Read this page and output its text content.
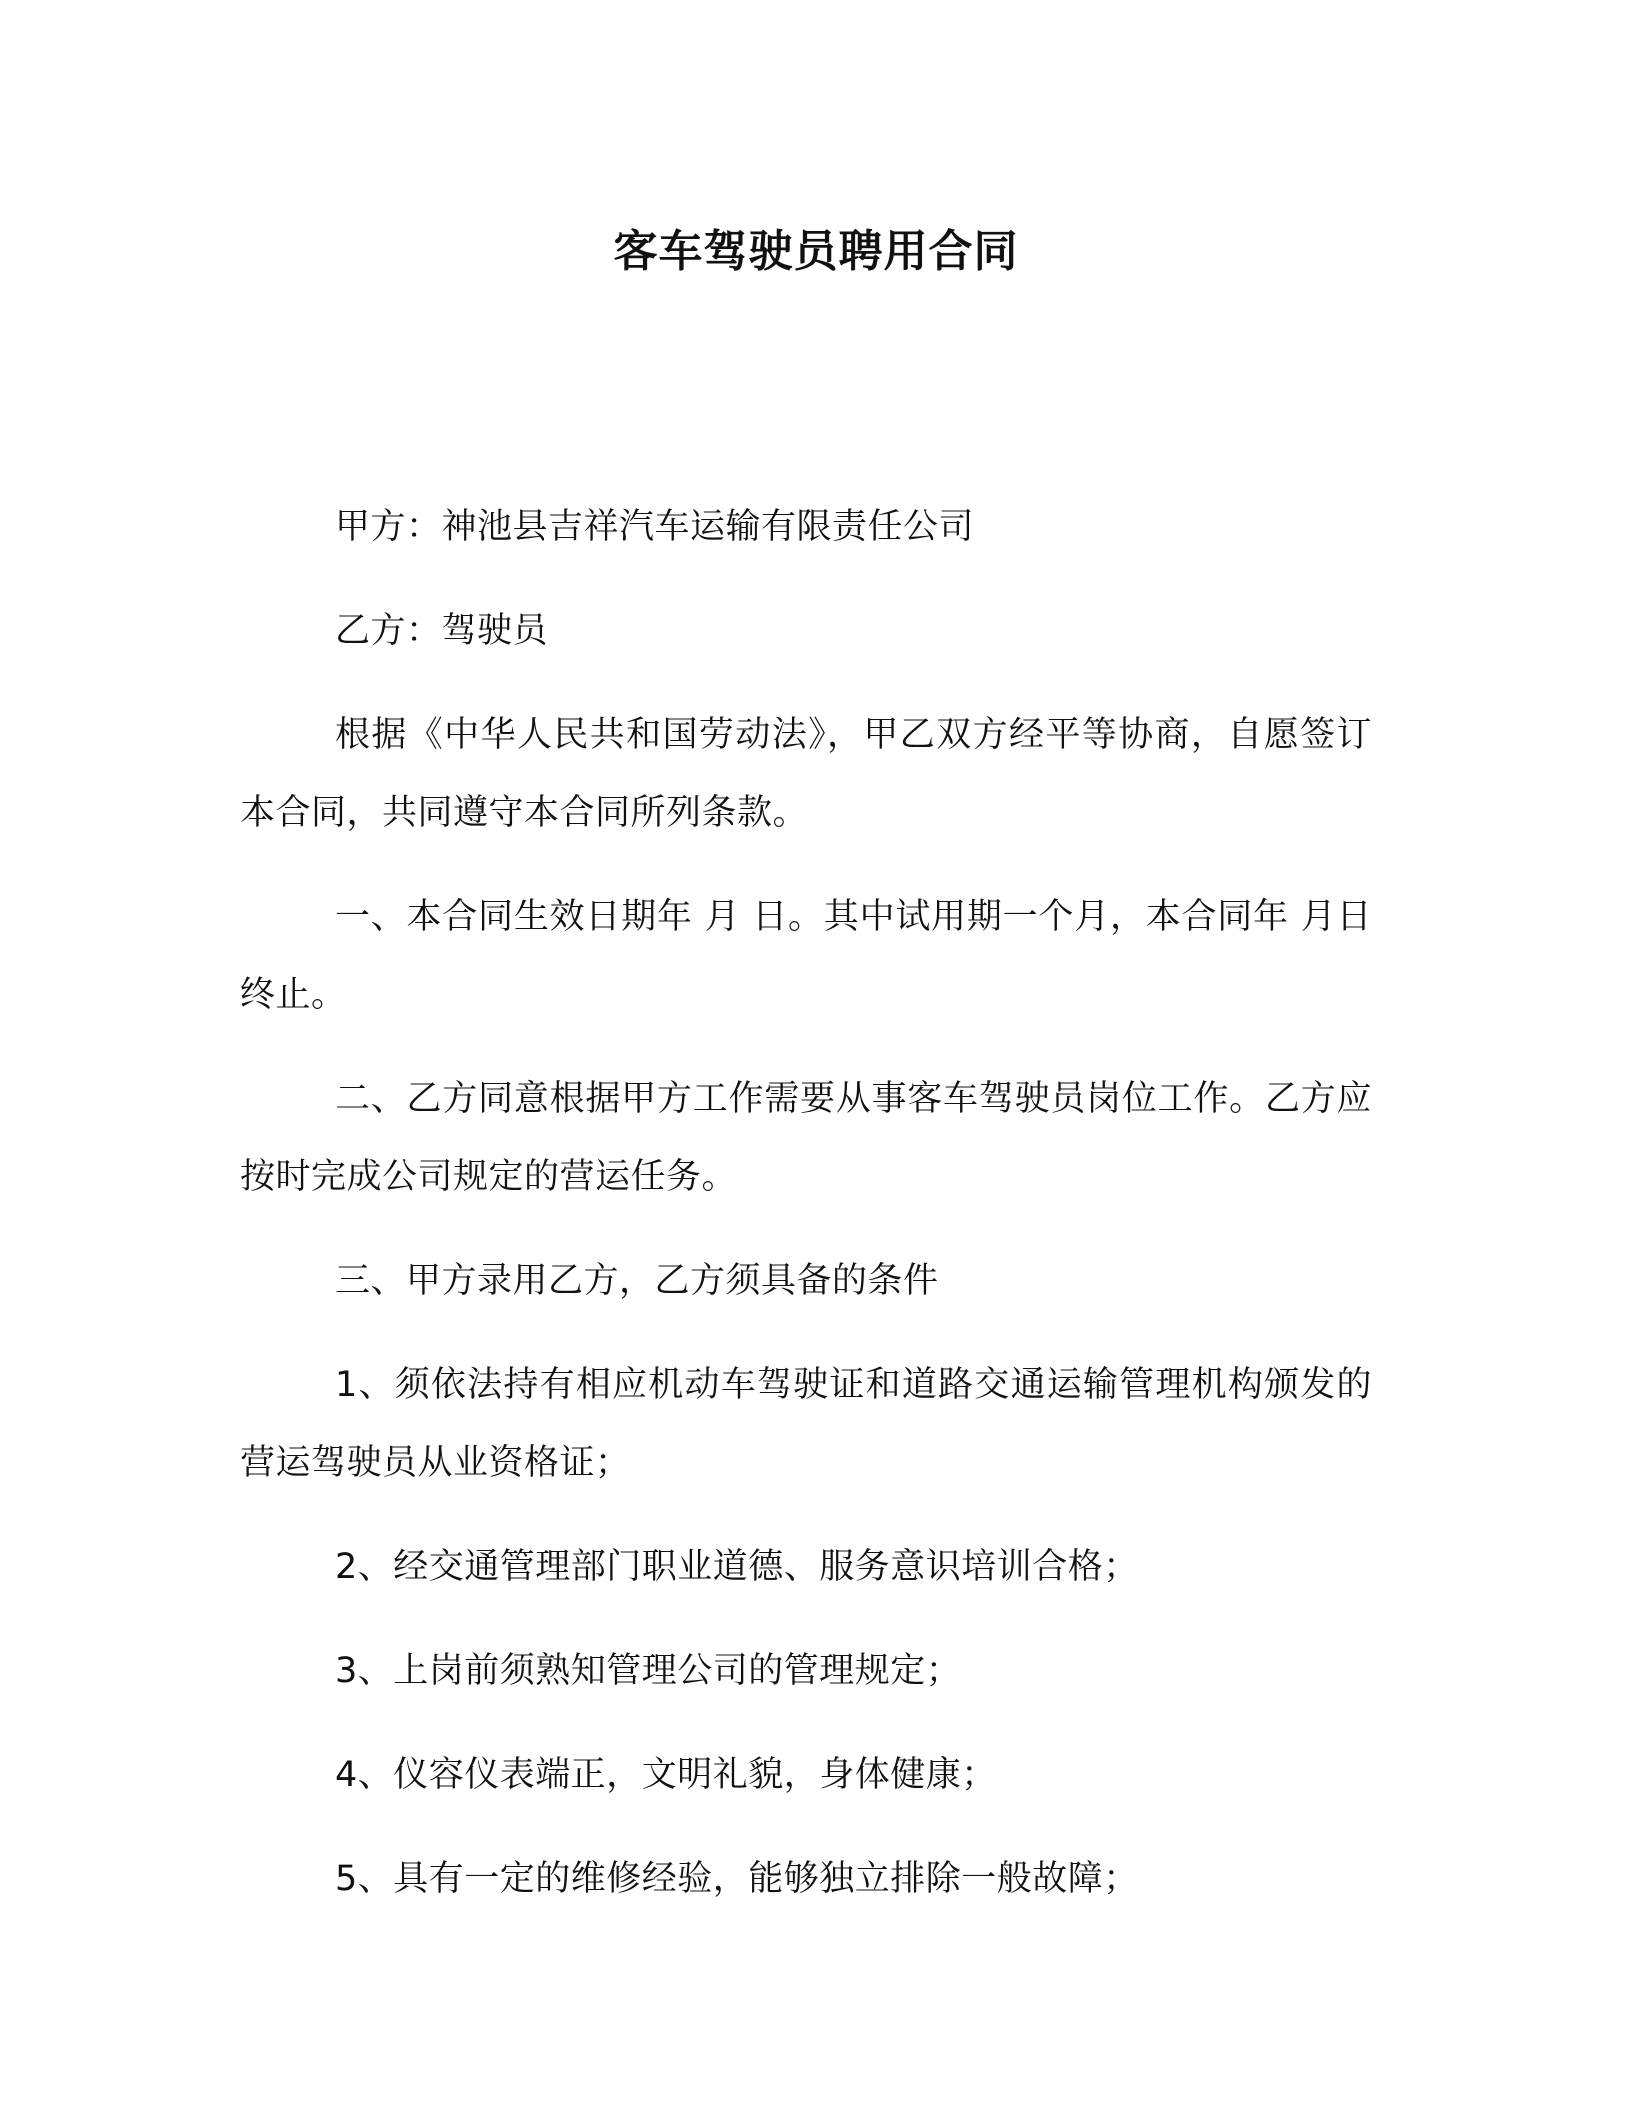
客车驾驶员聘用合同

甲方：神池县吉祥汽车运输有限责任公司

乙方：驾驶员

根据《中华人民共和国劳动法》，甲乙双方经平等协商，自愿签订本合同，共同遵守本合同所列条款。

一、本合同生效日期年 月 日。其中试用期一个月，本合同年 月日终止。

二、乙方同意根据甲方工作需要从事客车驾驶员岗位工作。乙方应按时完成公司规定的营运任务。

三、甲方录用乙方，乙方须具备的条件

1、须依法持有相应机动车驾驶证和道路交通运输管理机构颁发的营运驾驶员从业资格证；

2、经交通管理部门职业道德、服务意识培训合格；

3、上岗前须熟知管理公司的管理规定；

4、仪容仪表端正，文明礼貌，身体健康；

5、具有一定的维修经验，能够独立排除一般故障；
